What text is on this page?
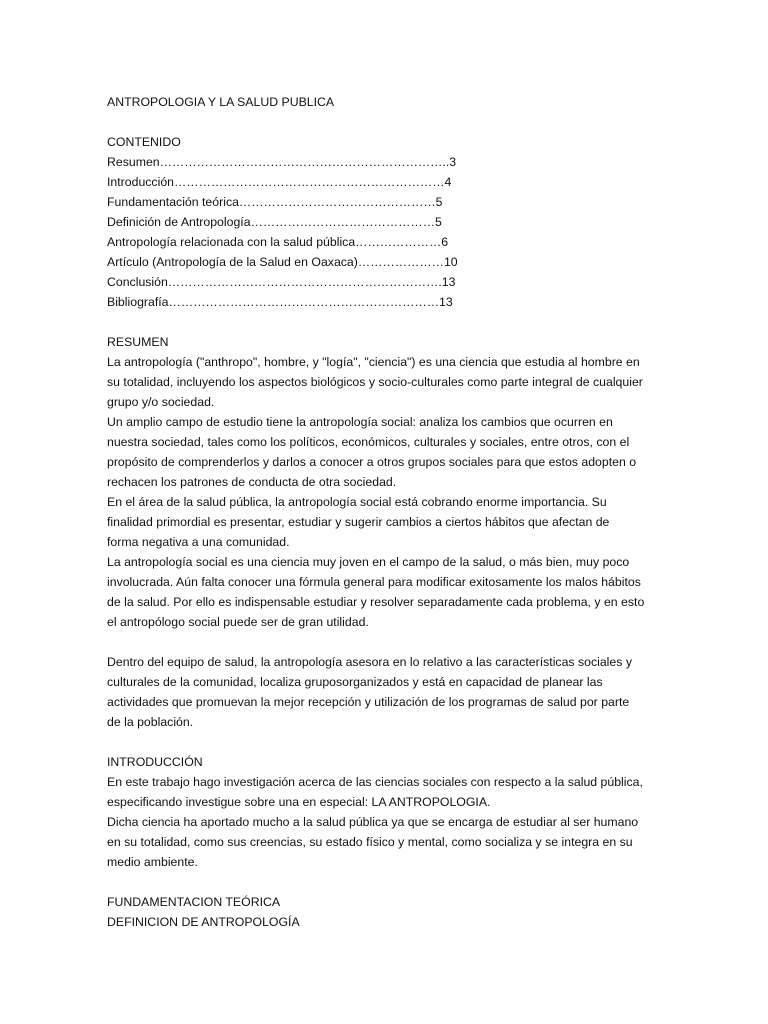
ANTROPOLOGIA Y LA SALUD PUBLICA
CONTENIDO
Resumen……………………………………………………………..3
Introducción…………………………………………………………4
Fundamentación teórica…………………………………………5
Definición de Antropología………………………………………5
Antropología relacionada con la salud pública…………………6
Artículo (Antropología de la Salud en Oaxaca)…………………10
Conclusión………………………………………………………….13
Bibliografía…………………………………………………………13
RESUMEN
La antropología ("anthropo", hombre, y "logía", "ciencia") es una ciencia que estudia al hombre en
su totalidad, incluyendo los aspectos biológicos y socio-culturales como parte integral de cualquier
grupo y/o sociedad.
Un amplio campo de estudio tiene la antropología social: analiza los cambios que ocurren en
nuestra sociedad, tales como los políticos, económicos, culturales y sociales, entre otros, con el
propósito de comprenderlos y darlos a conocer a otros grupos sociales para que estos adopten o
rechacen los patrones de conducta de otra sociedad.
En el área de la salud pública, la antropología social está cobrando enorme importancia. Su
finalidad primordial es presentar, estudiar y sugerir cambios a ciertos hábitos que afectan de
forma negativa a una comunidad.
La antropología social es una ciencia muy joven en el campo de la salud, o más bien, muy poco
involucrada. Aún falta conocer una fórmula general para modificar exitosamente los malos hábitos
de la salud. Por ello es indispensable estudiar y resolver separadamente cada problema, y en esto
el antropólogo social puede ser de gran utilidad.
Dentro del equipo de salud, la antropología asesora en lo relativo a las características sociales y
culturales de la comunidad, localiza gruposorganizados y está en capacidad de planear las
actividades que promuevan la mejor recepción y utilización de los programas de salud por parte
de la población.
INTRODUCCIÓN
En este trabajo hago investigación acerca de las ciencias sociales con respecto a la salud pública,
especificando investigue sobre una en especial: LA ANTROPOLOGIA.
Dicha ciencia ha aportado mucho a la salud pública ya que se encarga de estudiar al ser humano
en su totalidad, como sus creencias, su estado físico y mental, como socializa y se integra en su
medio ambiente.
FUNDAMENTACION TEÓRICA
DEFINICION DE ANTROPOLOGÍA
